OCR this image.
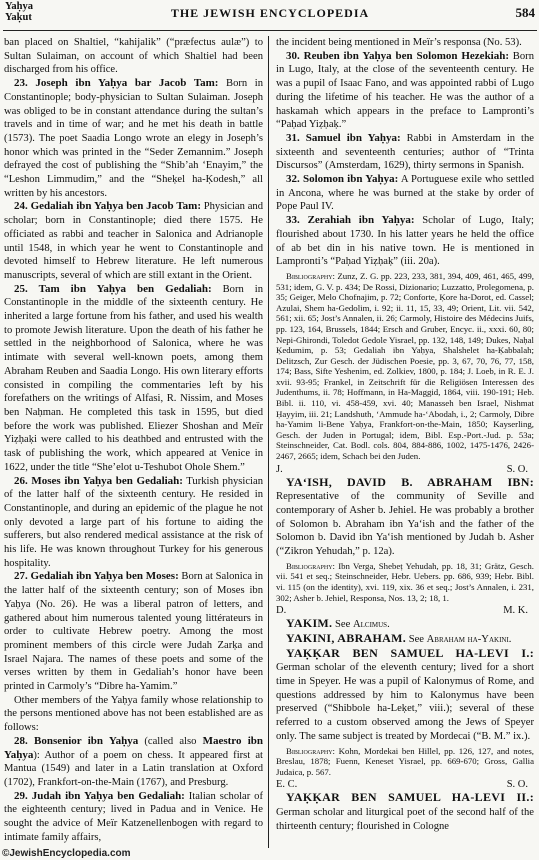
Yaḥya
Yaḳut	THE JEWISH ENCYCLOPEDIA	584

ban placed on Shaltiel, “kahijalik” (“præfectus aulæ”) to Sultan Sulaiman, on account of which Shaltiel had been discharged from his office.

23. Joseph ibn Yaḥya bar Jacob Tam: Born in Constantinople; body-physician to Sultan Sulaiman. Joseph was obliged to be in constant attendance during the sultan’s travels and in time of war; and he met his death in battle (1573). The poet Saadia Longo wrote an elegy in Joseph’s honor which was printed in the “Seder Zemannim.” Joseph defrayed the cost of publishing the “Shib’ah ‘Enayim,” the “Leshon Limmudim,” and the “Sheḳel ha-Ḳodesh,” all written by his ancestors.

24. Gedaliah ibn Yaḥya ben Jacob Tam: Physician and scholar; born in Constantinople; died there 1575. He officiated as rabbi and teacher in Salonica and Adrianople until 1548, in which year he went to Constantinople and devoted himself to Hebrew literature. He left numerous manuscripts, several of which are still extant in the Orient.

25. Tam ibn Yaḥya ben Gedaliah: Born in Constantinople in the middle of the sixteenth century. He inherited a large fortune from his father, and used his wealth to promote Jewish literature. Upon the death of his father he settled in the neighborhood of Salonica, where he was intimate with several well-known poets, among them Abraham Reuben and Saadia Longo. His own literary efforts consisted in compiling the commentaries left by his forefathers on the writings of Alfasi, R. Nissim, and Moses ben Naḥman. He completed this task in 1595, but died before the work was published. Eliezer Shoshan and Meïr Yiẓḥaḳi were called to his deathbed and entrusted with the task of publishing the work, which appeared at Venice in 1622, under the title “She’elot u-Teshubot Ohole Shem.”

26. Moses ibn Yaḥya ben Gedaliah: Turkish physician of the latter half of the sixteenth century. He resided in Constantinople, and during an epidemic of the plague he not only devoted a large part of his fortune to aiding the sufferers, but also rendered medical assistance at the risk of his life. He was known throughout Turkey for his generous hospitality.

27. Gedaliah ibn Yaḥya ben Moses: Born at Salonica in the latter half of the sixteenth century; son of Moses ibn Yaḥya (No. 26). He was a liberal patron of letters, and gathered about him numerous talented young littérateurs in order to cultivate Hebrew poetry. Among the most prominent members of this circle were Judah Zarḳa and Israel Najara. The names of these poets and some of the verses written by them in Gedaliah’s honor have been printed in Carmoly’s “Dibre ha-Yamim.”

Other members of the Yaḥya family whose relationship to the persons mentioned above has not been established are as follows:

28. Bonsenior ibn Yaḥya (called also Maestro ibn Yaḥya): Author of a poem on chess. It appeared first at Mantua (1549) and later in a Latin translation at Oxford (1702), Frankfort-on-the-Main (1767), and Presburg.

29. Judah ibn Yaḥya ben Gedaliah: Italian scholar of the eighteenth century; lived in Padua and in Venice. He sought the advice of Meïr Katzenellenbogen with regard to intimate family affairs,

the incident being mentioned in Meïr’s responsa (No. 53).

30. Reuben ibn Yaḥya ben Solomon Hezekiah: Born in Lugo, Italy, at the close of the seventeenth century. He was a pupil of Isaac Fano, and was appointed rabbi of Lugo during the lifetime of his teacher. He was the author of a haskamah which appears in the preface to Lampronti’s “Paḥad Yiẓḥaḳ.”

31. Samuel ibn Yaḥya: Rabbi in Amsterdam in the sixteenth and seventeenth centuries; author of “Trinta Discursos” (Amsterdam, 1629), thirty sermons in Spanish.

32. Solomon ibn Yaḥya: A Portuguese exile who settled in Ancona, where he was burned at the stake by order of Pope Paul IV.

33. Zerahiah ibn Yaḥya: Scholar of Lugo, Italy; flourished about 1730. In his latter years he held the office of ab bet din in his native town. He is mentioned in Lampronti’s “Paḥad Yiẓḥaḳ” (iii. 20a).

Bibliography: Zunz, Z. G. pp. 223, 233, 381, 394, 409, 461, 465, 499, 531; idem, G. V. p. 434; De Rossi, Dizionario; Luzzatto, Prolegomena, p. 35; Geiger, Melo Chofnajim, p. 72; Conforte, Ḳore ha-Dorot, ed. Cassel; Azulai, Shem ha-Gedolim, i. 92; ii. 11, 15, 33, 49; Orient, Lit. vii. 542, 561; xii. 65; Jost’s Annalen, ii. 26; Carmoly, Histoire des Médecins Juifs, pp. 123, 164, Brussels, 1844; Ersch and Gruber, Encyc. ii., xxxi. 60, 80; Nepi-Ghirondi, Toledot Gedole Yisrael, pp. 132, 148, 149; Dukes, Naḥal Ḳedumim, p. 53; Gedaliah ibn Yaḥya, Shalshelet ha-Ḳabbalah; Delitzsch, Zur Gesch. der Jüdischen Poesie, pp. 3, 67, 70, 76, 77, 158, 174; Bass, Sifte Yeshenim, ed. Zolkiev, 1800, p. 184; J. Loeb, in R. E. J. xvii. 93-95; Frankel, in Zeitschrift für die Religiösen Interessen des Judenthums, ii. 78; Hoffmann, in Ha-Maggid, 1864, viii. 190-191; Heb. Bibl. ii. 110, vi. 458-459, xvi. 40; Manasseh ben Israel, Nishmat Ḥayyim, iii. 21; Landshuth, ‘Ammude ha-‘Abodah, i., 2; Carmoly, Dibre ha-Yamim li-Bene Yaḥya, Frankfort-on-the-Main, 1850; Kayserling, Gesch. der Juden in Portugal; idem, Bibl. Esp.-Port.-Jud. p. 53a; Steinschneider, Cat. Bodl. cols. 804, 884-886, 1002, 1475-1476, 2426-2467, 2665; idem, Schach bei den Juden.

J.	S. O.

YA‘ISH, DAVID B. ABRAHAM IBN: Representative of the community of Seville and contemporary of Asher b. Jehiel. He was probably a brother of Solomon b. Abraham ibn Ya‘ish and the father of the Solomon b. David ibn Ya‘ish mentioned by Judah b. Asher (“Zikron Yehudah,” p. 12a).

Bibliography: Ibn Verga, Shebeṭ Yehudah, pp. 18, 31; Grätz, Gesch. vii. 541 et seq.; Steinschneider, Hebr. Uebers. pp. 686, 939; Hebr. Bibl. vi. 115 (on the identity), xvi. 119, xix. 36 et seq.; Jost’s Annalen, i. 231, 302; Asher b. Jehiel, Responsa, Nos. 13, 2; 18, 1.

D.	M. K.

YAKIM. See Alcimus.

YAKINI, ABRAHAM. See Abraham ha-Yakini.

YAḲḲAR BEN SAMUEL HA-LEVI I.: German scholar of the eleventh century; lived for a short time in Speyer. He was a pupil of Kalonymus of Rome, and questions addressed by him to Kalonymus have been preserved (“Shibbole ha-Leḳet,” viii.); several of these referred to a custom observed among the Jews of Speyer only. The same subject is treated by Mordecai (“B. M.” ix.).

Bibliography: Kohn, Mordekai ben Hillel, pp. 126, 127, and notes, Breslau, 1878; Fuenn, Keneset Yisrael, pp. 669-670; Gross, Gallia Judaica, p. 567.

E. C.	S. O.

YAḲḲAR BEN SAMUEL HA-LEVI II.: German scholar and liturgical poet of the second half of the thirteenth century; flourished in Cologne

©JewishEncyclopedia.com
